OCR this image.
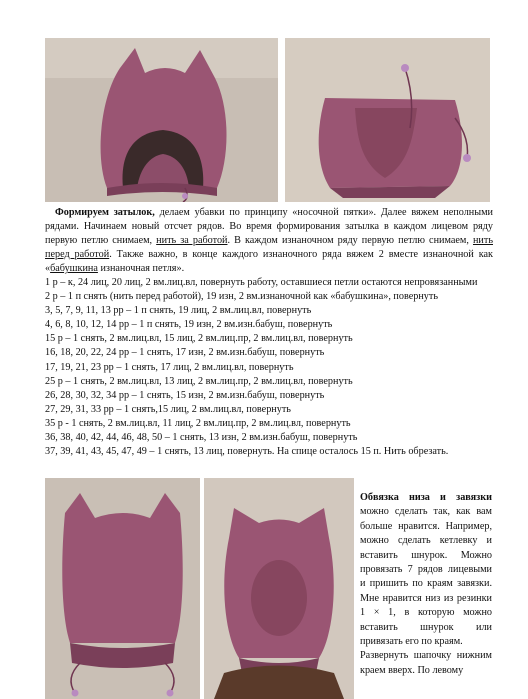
Формируем затылок, делаем убавки по принципу «носочной пятки». Далее вяжем неполными рядами. Начинаем новый отсчет рядов. Во время формирования затылка в каждом лицевом ряду первую петлю снимаем, нить за работой. В каждом изнаночном ряду первую петлю снимаем, нить перед работой. Также важно, в конце каждого изнаночного ряда вяжем 2 вместе изнаночной как «бабушкина изнаночная петля».

1 р – к, 24 лиц, 20 лиц, 2 вм.лиц.вл, повернуть работу, оставшиеся петли остаются непровязанными

2 р – 1 п снять (нить перед работой), 19 изн, 2 вм.изнаночной как «бабушкина», повернуть

3, 5, 7, 9, 11, 13 рр – 1 п снять, 19 лиц, 2 вм.лиц.вл, повернуть

4, 6, 8, 10, 12, 14 рр – 1 п снять, 19 изн, 2 вм.изн.бабуш, повернуть

15 р – 1 снять, 2 вм.лиц.вл, 15 лиц, 2 вм.лиц.пр, 2 вм.лиц.вл, повернуть

16, 18, 20, 22, 24 рр – 1 снять, 17 изн, 2 вм.изн.бабуш, повернуть

17, 19, 21, 23 рр – 1 снять, 17 лиц, 2 вм.лиц.вл, повернуть

25 р – 1 снять, 2 вм.лиц.вл, 13 лиц, 2 вм.лиц.пр, 2 вм.лиц.вл, повернуть

26, 28, 30, 32, 34 рр – 1 снять, 15 изн, 2 вм.изн.бабуш, повернуть

27, 29, 31, 33 рр – 1 снять,15 лиц, 2 вм.лиц.вл, повернуть

35 р - 1 снять, 2 вм.лиц.вл, 11 лиц, 2 вм.лиц.пр, 2 вм.лиц.вл, повернуть

36, 38, 40, 42, 44, 46, 48, 50 – 1 снять, 13 изн, 2 вм.изн.бабуш, повернуть

37, 39, 41, 43, 45, 47, 49 – 1 снять, 13 лиц, повернуть. На спице осталось 15 п. Нить обрезать.

Обвязка низа и завязки можно сделать так, как вам больше нравится. Например, можно сделать кетлевку и вставить шнурок. Можно провязать 7 рядов лицевыми и пришить по краям завязки. Мне нравится низ из резинки 1 × 1, в которую можно вставить шнурок или привязать его по краям.

Развернуть шапочку нижним краем вверх. По левому
